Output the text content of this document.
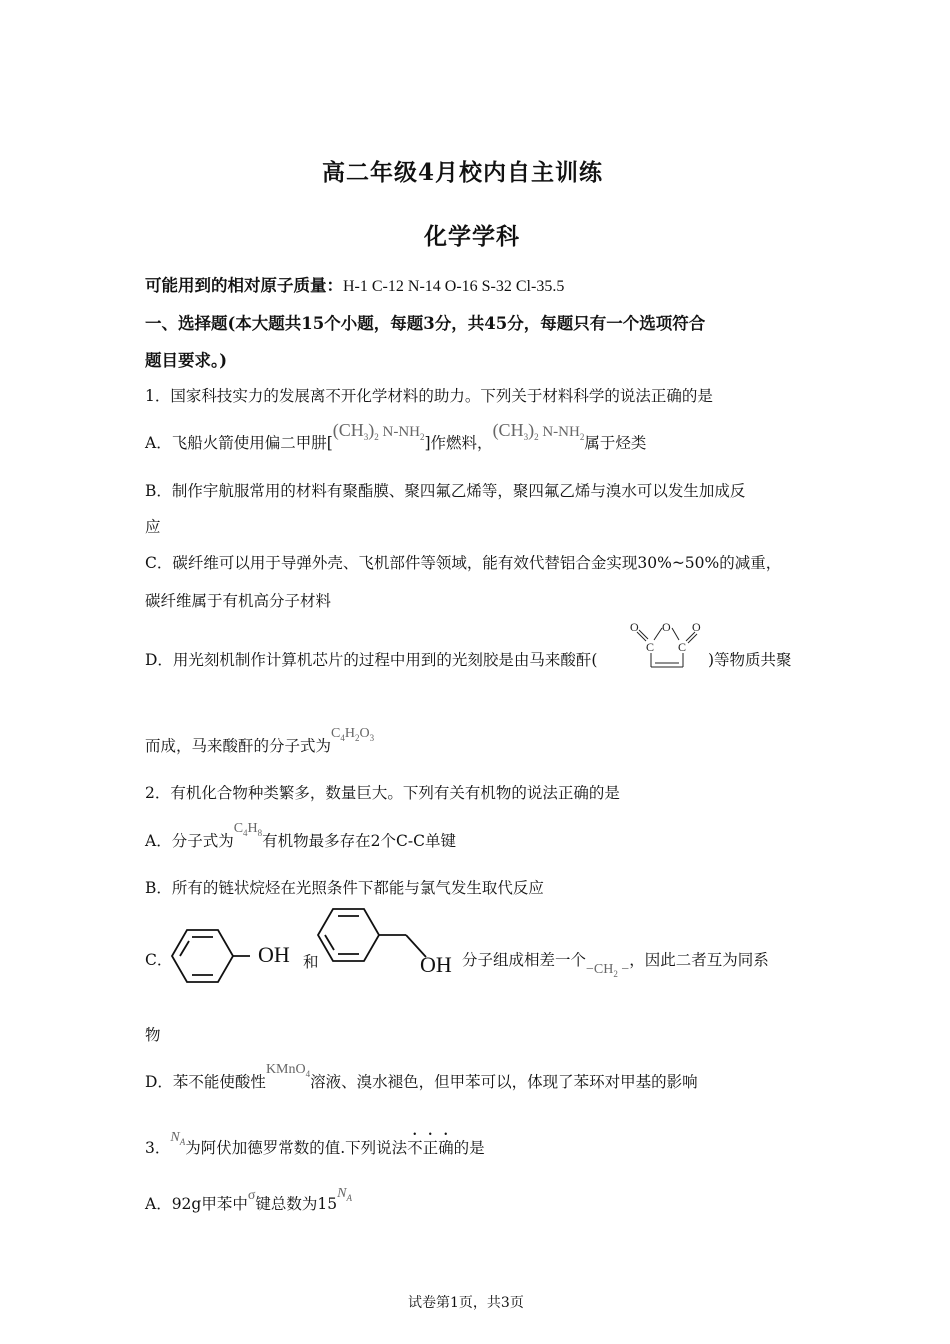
高二年级4月校内自主训练
化学学科
可能用到的相对原子质量：H-1 C-12 N-14 O-16 S-32 Cl-35.5
一、选择题(本大题共15个小题，每题3分，共45分，每题只有一个选项符合
题目要求。)
1．国家科技实力的发展离不开化学材料的助力。下列关于材料科学的说法正确的是
A．飞船火箭使用偏二甲肼[$(CH_3)_2$ $N-NH_2$]作燃料，$(CH_3)_2$ $N-NH_2$属于烃类
B．制作宇航服常用的材料有聚酯膜、聚四氟乙烯等，聚四氟乙烯与溴水可以发生加成反
应
C．碳纤维可以用于导弹外壳、飞机部件等领域，能有效代替铝合金实现30%~50%的减重，
碳纤维属于有机高分子材料
D．用光刻机制作计算机芯片的过程中用到的光刻胶是由马来酸酐(
O O O
C C
)等物质共聚
而成，马来酸酐的分子式为$C_4H_2O_3$
2．有机化合物种类繁多，数量巨大。下列有关有机物的说法正确的是
A．分子式为$C_4H_8$有机物最多存在2个C-C单键
B．所有的链状烷烃在光照条件下都能与氯气发生取代反应
C．	OH 和	OH 分子组成相差一个$-CH_2$ −，因此二者互为同系
物
D．苯不能使酸性KMnO$_4$溶液、溴水褪色，但甲苯可以，体现了苯环对甲基的影响
3．$N_A$为阿伏加德罗常数的值.下列说法不正确的是
A．92g甲苯中σ键总数为$15N_A$
试卷第1页，共3页
